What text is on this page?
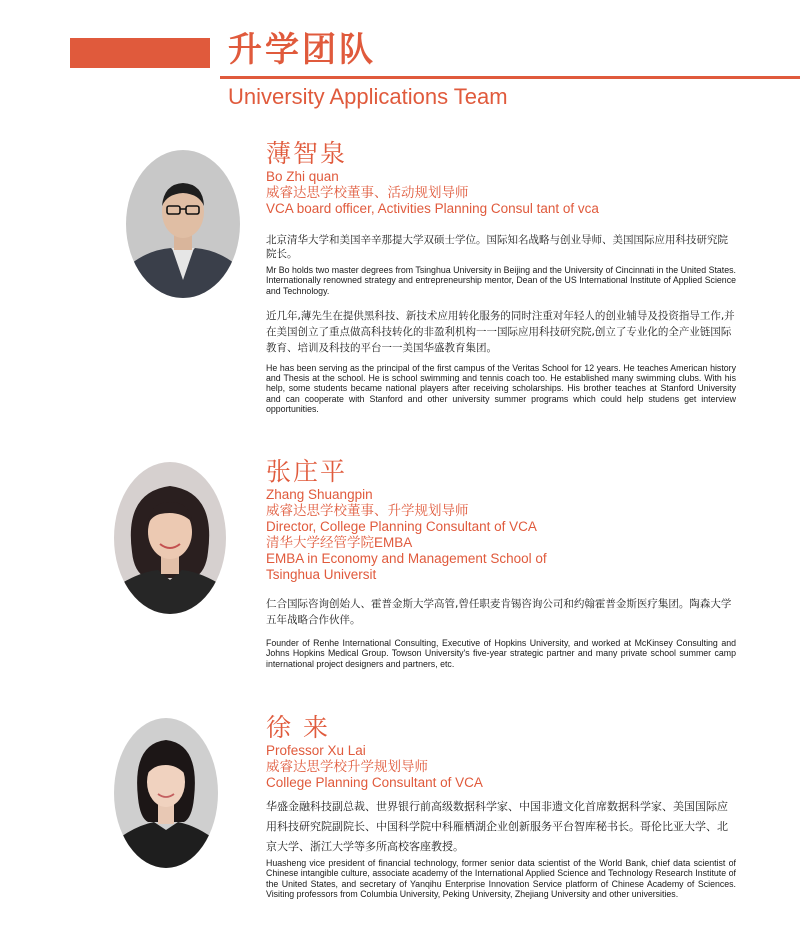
升学团队
University Applications Team
薄智泉
Bo Zhi quan
威睿达思学校董事、活动规划导师
VCA board officer, Activities Planning Consul tant of vca

北京清华大学和美国辛辛那提大学双硕士学位。国际知名战略与创业导师、美国国际应用科技研究院院长。

Mr Bo holds two master degrees from Tsinghua University in Beijing and the University of Cincinnati in the United States. Internationally renowned strategy and entrepreneurship mentor, Dean of the US International Institute of Applied Science and Technology.

近几年,薄先生在提供黑科技、新技术应用转化服务的同时注重对年轻人的创业辅导及投资指导工作,并在美国创立了重点做高科技转化的非盈利机构一一国际应用科技研究院,创立了专业化的全产业链国际教育、培训及科技的平台一一美国华盛教育集团。

He has been serving as the principal of the first campus of the Veritas School for 12 years. He teaches American history and Thesis at the school. He is school swimming and tennis coach too. He established many swimming clubs. With his help, some students became national players after receiving scholarships. His brother teaches at Stanford University and can cooperate with Stanford and other university summer programs which could help studens get interview opportunities.

张庄平
Zhang Shuangpin
威睿达思学校董事、升学规划导师
Director, College Planning Consultant of VCA
清华大学经管学院EMBA
EMBA in Economy and Management School of
Tsinghua Universit

仁合国际咨询创始人、霍普金斯大学高管,曾任职麦肯锡咨询公司和约翰霍普金斯医疗集团。陶森大学五年战略合作伙伴。

Founder of Renhe International Consulting, Executive of Hopkins University, and worked at McKinsey Consulting and Johns Hopkins Medical Group. Towson University's five-year strategic partner and many private school summer camp international project designers and partners, etc.

徐 来
Professor Xu Lai
威睿达思学校升学规划导师
College Planning Consultant of VCA

华盛金融科技副总裁、世界银行前高级数据科学家、中国非遗文化首席数据科学家、美国国际应用科技研究院副院长、中国科学院中科雁栖湖企业创新服务平台智库秘书长。哥伦比亚大学、北京大学、浙江大学等多所高校客座教授。

Huasheng vice president of financial technology, former senior data scientist of the World Bank, chief data scientist of Chinese intangible culture, associate academy of the International Applied Science and Technology Research Institute of the United States, and secretary of Yanqihu Enterprise Innovation Service platform of Chinese Academy of Sciences. Visiting professors from Columbia University, Peking University, Zhejiang University and other universities.
